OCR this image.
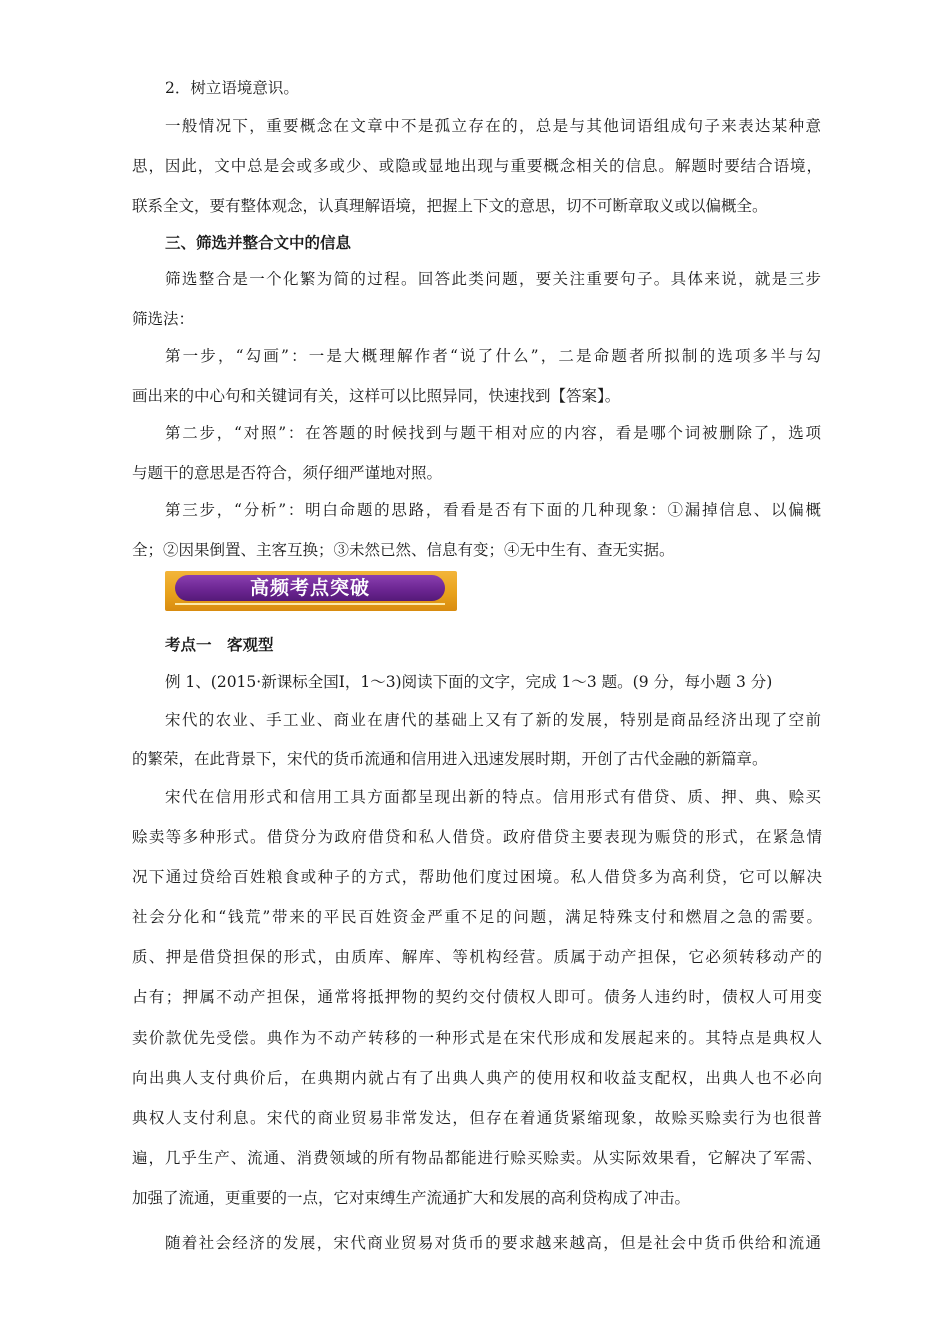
2．树立语境意识。
一般情况下，重要概念在文章中不是孤立存在的，总是与其他词语组成句子来表达某种意
思，因此，文中总是会或多或少、或隐或显地出现与重要概念相关的信息。解题时要结合语境，
联系全文，要有整体观念，认真理解语境，把握上下文的意思，切不可断章取义或以偏概全。
三、筛选并整合文中的信息
筛选整合是一个化繁为简的过程。回答此类问题，要关注重要句子。具体来说，就是三步
筛选法：
第一步，“勾画”：一是大概理解作者“说了什么”，二是命题者所拟制的选项多半与勾
画出来的中心句和关键词有关，这样可以比照异同，快速找到【答案】。
第二步，“对照”：在答题的时候找到与题干相对应的内容，看是哪个词被删除了，选项
与题干的意思是否符合，须仔细严谨地对照。
第三步，“分析”：明白命题的思路，看看是否有下面的几种现象：①漏掉信息、以偏概
全；②因果倒置、主客互换；③未然已然、信息有变；④无中生有、查无实据。
高频考点突破
考点一　客观型
例 1、(2015·新课标全国Ⅰ，1～3)阅读下面的文字，完成 1～3 题。(9 分，每小题 3 分)
宋代的农业、手工业、商业在唐代的基础上又有了新的发展，特别是商品经济出现了空前
的繁荣，在此背景下，宋代的货币流通和信用进入迅速发展时期，开创了古代金融的新篇章。
宋代在信用形式和信用工具方面都呈现出新的特点。信用形式有借贷、质、押、典、赊买
赊卖等多种形式。借贷分为政府借贷和私人借贷。政府借贷主要表现为赈贷的形式，在紧急情
况下通过贷给百姓粮食或种子的方式，帮助他们度过困境。私人借贷多为高利贷，它可以解决
社会分化和“钱荒”带来的平民百姓资金严重不足的问题，满足特殊支付和燃眉之急的需要。
质、押是借贷担保的形式，由质库、解库、等机构经营。质属于动产担保，它必须转移动产的
占有；押属不动产担保，通常将抵押物的契约交付债权人即可。债务人违约时，债权人可用变
卖价款优先受偿。典作为不动产转移的一种形式是在宋代形成和发展起来的。其特点是典权人
向出典人支付典价后，在典期内就占有了出典人典产的使用权和收益支配权，出典人也不必向
典权人支付利息。宋代的商业贸易非常发达，但存在着通货紧缩现象，故赊买赊卖行为也很普
遍，几乎生产、流通、消费领域的所有物品都能进行赊买赊卖。从实际效果看，它解决了军需、
加强了流通，更重要的一点，它对束缚生产流通扩大和发展的高利贷构成了冲击。
随着社会经济的发展，宋代商业贸易对货币的要求越来越高，但是社会中货币供给和流通
